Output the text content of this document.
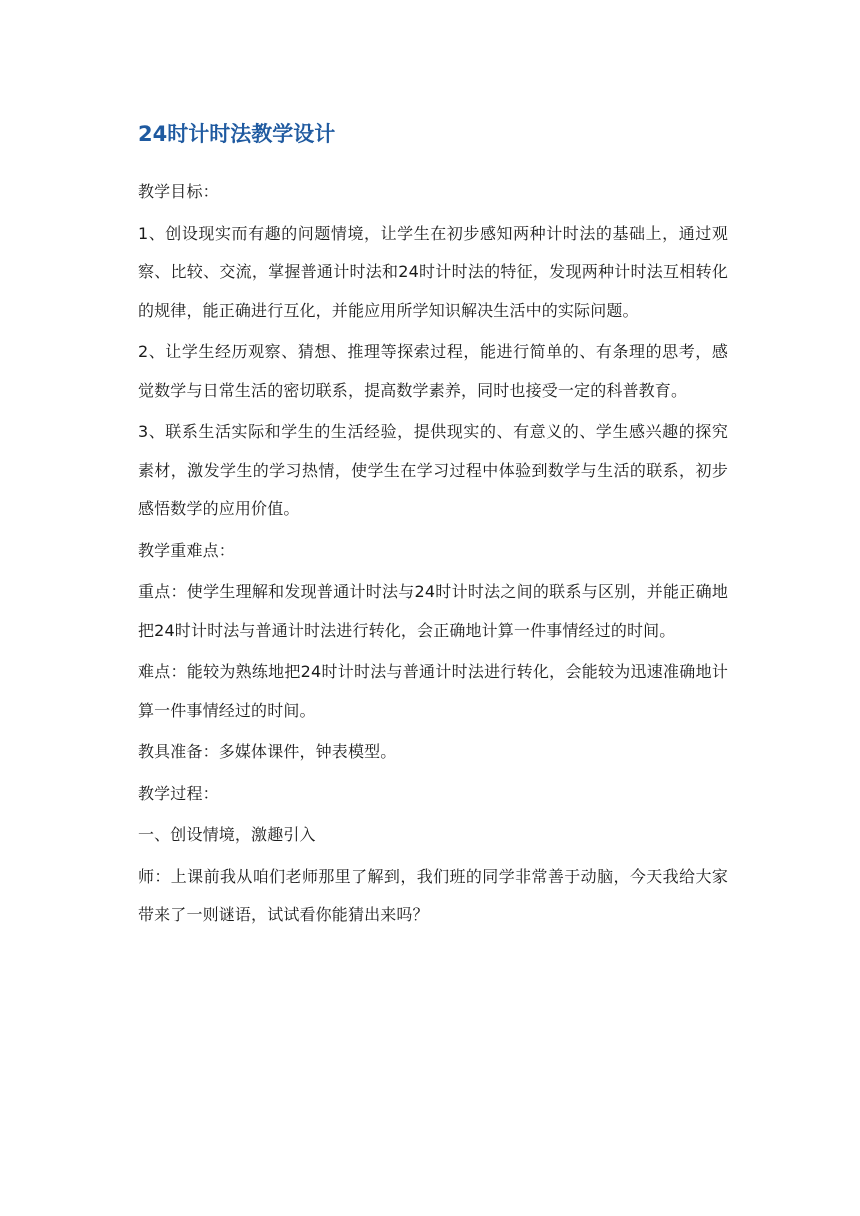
24时计时法教学设计

教学目标：

1、创设现实而有趣的问题情境，让学生在初步感知两种计时法的基础上，通过观察、比较、交流，掌握普通计时法和24时计时法的特征，发现两种计时法互相转化的规律，能正确进行互化，并能应用所学知识解决生活中的实际问题。

2、让学生经历观察、猜想、推理等探索过程，能进行简单的、有条理的思考，感觉数学与日常生活的密切联系，提高数学素养，同时也接受一定的科普教育。

3、联系生活实际和学生的生活经验，提供现实的、有意义的、学生感兴趣的探究素材，激发学生的学习热情，使学生在学习过程中体验到数学与生活的联系，初步感悟数学的应用价值。

教学重难点：

重点：使学生理解和发现普通计时法与24时计时法之间的联系与区别，并能正确地把24时计时法与普通计时法进行转化，会正确地计算一件事情经过的时间。

难点：能较为熟练地把24时计时法与普通计时法进行转化，会能较为迅速准确地计算一件事情经过的时间。

教具准备：多媒体课件，钟表模型。

教学过程：

一、创设情境，激趣引入

师：上课前我从咱们老师那里了解到，我们班的同学非常善于动脑，今天我给大家带来了一则谜语，试试看你能猜出来吗？
